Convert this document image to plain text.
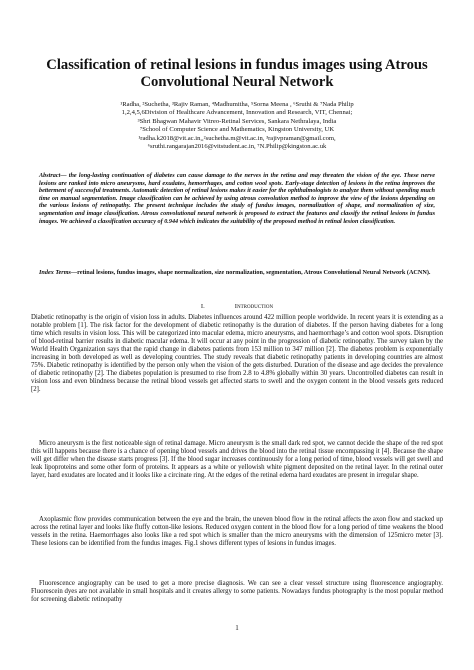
Classification of retinal lesions in fundus images using Atrous Convolutional Neural Network
¹Radha, ²Suchetha, ³Rajiv Raman, ⁴Madhumitha, ⁵Sorna Meena , ⁶Sruthi & ⁷Nada Philip
1,2,4,5,6Division of Healthcare Advancement, Innovation and Research, VIT, Chennai;
³Shri Bhagwan Mahavir Vitreo-Retinal Services, Sankara Nethralaya, India
⁷School of Computer Science and Mathematics, Kingston University, UK
¹radha.k2018@vit.ac.in,,²suchetha.m@vit.ac.in, ³rajivpraman@gmail.com,
⁶sruthi.rangarajan2016@vitstudent.ac.in, ⁷N.Philip@kingston.ac.uk
Abstract— the long-lasting continuation of diabetes can cause damage to the nerves in the retina and may threaten the vision of the eye. These nerve lesions are ranked into micro aneurysms, hard exudates, hemorrhages, and cotton wool spots. Early-stage detection of lesions in the retina improves the betterment of successful treatments. Automatic detection of retinal lesions makes it easier for the ophthalmologists to analyze them without spending much time on manual segmentation. Image classification can be achieved by using atrous convolution method to improve the view of the lesions depending on the various lesions of retinopathy. The present technique includes the study of fundus images, normalization of shape, and normalization of size, segmentation and image classification. Atrous convolutional neural network is proposed to extract the features and classify the retinal lesions in fundus images. We achieved a classification accuracy of 0.944 which indicates the suitability of the proposed method in retinal lesion classification.
Index Terms—retinal lesions, fundus images, shape normalization, size normalization, segmentation, Atrous Convolutional Neural Network (ACNN).
I.	Introduction
Diabetic retinopathy is the origin of vision loss in adults. Diabetes influences around 422 million people worldwide. In recent years it is extending as a notable problem [1]. The risk factor for the development of diabetic retinopathy is the duration of diabetes. If the person having diabetes for a long time which results in vision loss. This will be categorized into macular edema, micro aneurysms, and haemorrhage’s and cotton wool spots. Disruption of blood-retinal barrier results in diabetic macular edema. It will occur at any point in the progression of diabetic retinopathy. The survey taken by the World Health Organization says that the rapid change in diabetes patients from 153 million to 347 million [2]. The diabetes problem is exponentially increasing in both developed as well as developing countries. The study reveals that diabetic retinopathy patients in developing countries are almost 75%. Diabetic retinopathy is identified by the person only when the vision of the gets disturbed. Duration of the disease and age decides the prevalence of diabetic retinopathy [2]. The diabetes population is presumed to rise from 2.8 to 4.8% globally within 30 years. Uncontrolled diabetes can result in vision loss and even blindness because the retinal blood vessels get affected starts to swell and the oxygen content in the blood vessels gets reduced [2].
Micro aneurysm is the first noticeable sign of retinal damage. Micro aneurysm is the small dark red spot, we cannot decide the shape of the red spot this will happens because there is a chance of opening blood vessels and drives the blood into the retinal tissue encompassing it [4]. Because the shape will get differ when the disease starts progress [3]. If the blood sugar increases continuously for a long period of time, blood vessels will get swell and leak lipoproteins and some other form of proteins. It appears as a white or yellowish white pigment deposited on the retinal layer. In the retinal outer layer, hard exudates are located and it looks like a circinate ring. At the edges of the retinal edema hard exudates are present in irregular shape.
Axoplasmic flow provides communication between the eye and the brain, the uneven blood flow in the retinal affects the axon flow and stacked up across the retinal layer and looks like fluffy cotton-like lesions. Reduced oxygen content in the blood flow for a long period of time weakens the blood vessels in the retina. Haemorrhages also looks like a red spot which is smaller than the micro aneurysms with the dimension of 125micro meter [3]. These lesions can be identified from the fundus images. Fig.1 shows different types of lesions in fundus images.
Fluorescence angiography can be used to get a more precise diagnosis. We can see a clear vessel structure using fluorescence angiography. Fluorescein dyes are not available in small hospitals and it creates allergy to some patients. Nowadays fundus photography is the most popular method for screening diabetic retinopathy
1
